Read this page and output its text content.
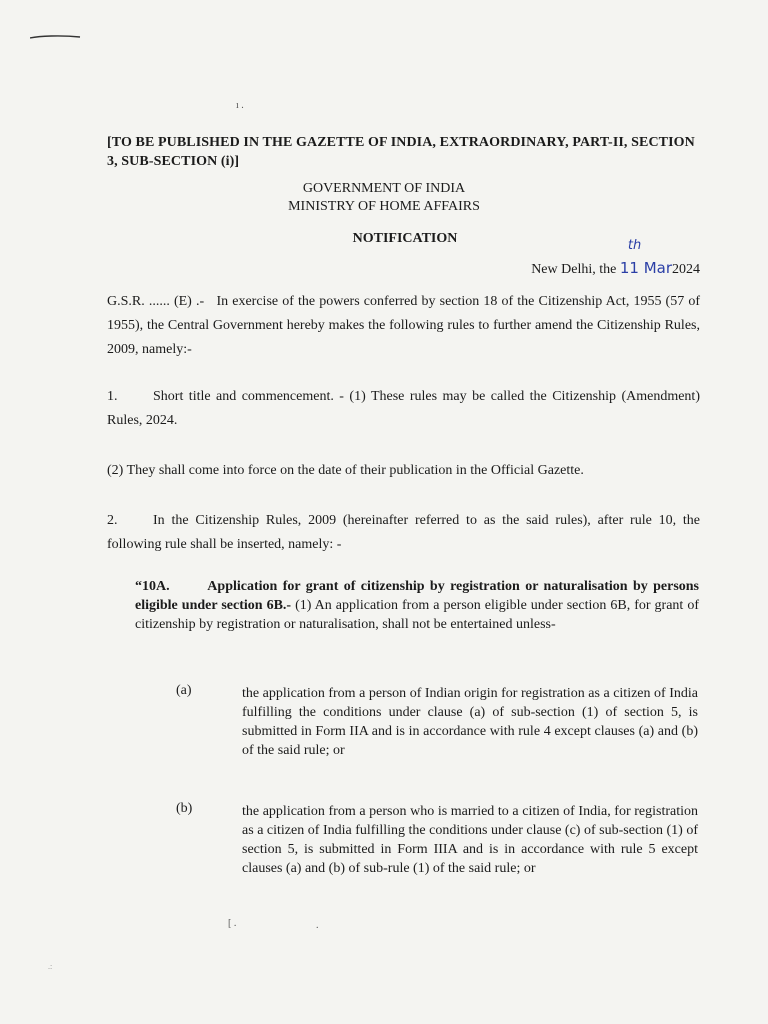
ı .
[ .	.
.:
[TO BE PUBLISHED IN THE GAZETTE OF INDIA, EXTRAORDINARY, PART-II, SECTION 3, SUB-SECTION (i)]
GOVERNMENT OF INDIA
MINISTRY OF HOME AFFAIRS
NOTIFICATION
New Delhi, the
th
11 Mar2024
G.S.R. ...... (E) .- In exercise of the powers conferred by section 18 of the Citizenship Act, 1955 (57 of 1955), the Central Government hereby makes the following rules to further amend the Citizenship Rules, 2009, namely:-
1.	Short title and commencement. - (1) These rules may be called the Citizenship (Amendment) Rules, 2024.
(2) They shall come into force on the date of their publication in the Official Gazette.
2.	In the Citizenship Rules, 2009 (hereinafter referred to as the said rules), after rule 10, the following rule shall be inserted, namely: -
“10A.	Application for grant of citizenship by registration or naturalisation by persons eligible under section 6B.- (1) An application from a person eligible under section 6B, for grant of citizenship by registration or naturalisation, shall not be entertained unless-
(a)	the application from a person of Indian origin for registration as a citizen of India fulfilling the conditions under clause (a) of sub-section (1) of section 5, is submitted in Form IIA and is in accordance with rule 4 except clauses (a) and (b) of the said rule; or
(b)	the application from a person who is married to a citizen of India, for registration as a citizen of India fulfilling the conditions under clause (c) of sub-section (1) of section 5, is submitted in Form IIIA and is in accordance with rule 5 except clauses (a) and (b) of sub-rule (1) of the said rule; or
